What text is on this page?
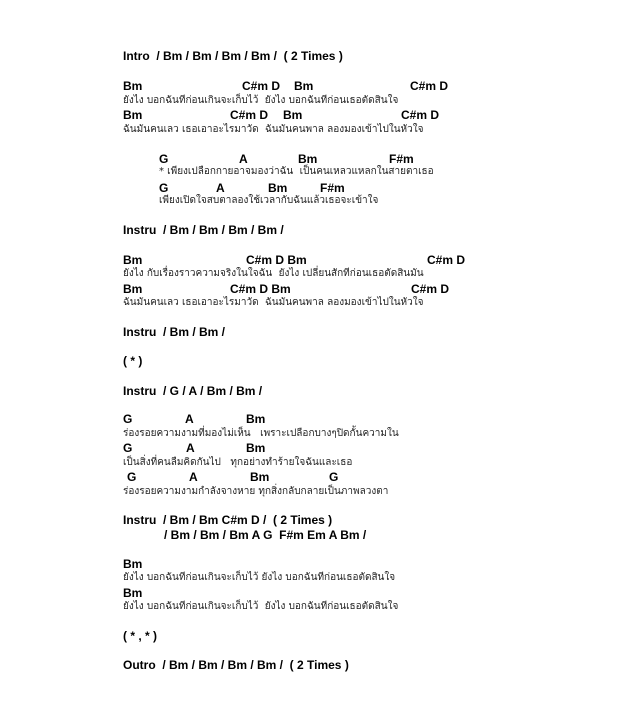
Intro  / Bm / Bm / Bm / Bm /  ( 2 Times )
Bm	C#m D Bm	C#m D
ยังไง บอกฉันทีก่อนเกินจะเก็บไว้  ยังไง บอกฉันทีก่อนเธอตัดสินใจ
Bm	C#m D Bm	C#m D
ฉันมันคนเลว เธอเอาอะไรมาวัด  ฉันมันคนพาล ลองมองเข้าไปในหัวใจ
G	A	Bm	F#m
* เพียงเปลือกกายอาจมองว่าฉัน  เป็นคนเหลวแหลกในสายตาเธอ
G	A	Bm	F#m
เพียงเปิดใจสบตาลองใช้เวลากับฉันแล้วเธอจะเข้าใจ
Instru  / Bm / Bm / Bm / Bm /
Bm	C#m D Bm	C#m D
ยังไง กับเรื่องราวความจริงในใจฉัน  ยังไง เปลี่ยนสักทีก่อนเธอตัดสินมัน
Bm	C#m D Bm	C#m D
ฉันมันคนเลว เธอเอาอะไรมาวัด  ฉันมันคนพาล ลองมองเข้าไปในหัวใจ
Instru  / Bm / Bm /
( * )
Instru  / G / A / Bm / Bm /
G	A	Bm
ร่องรอยความงามที่มองไม่เห็น   เพราะเปลือกบางๆปิดกั้นความใน
G	A	Bm
เป็นสิ่งที่คนลืมคิดกันไป   ทุกอย่างทำร้ายใจฉันและเธอ
G	A	Bm	G
ร่องรอยความงามกำลังจางหาย ทุกสิ่งกลับกลายเป็นภาพลวงตา
Instru  / Bm / Bm C#m D /  ( 2 Times )
/ Bm / Bm / Bm A G  F#m Em A Bm /
Bm
ยังไง บอกฉันทีก่อนเกินจะเก็บไว้ ยังไง บอกฉันทีก่อนเธอตัดสินใจ
Bm
ยังไง บอกฉันทีก่อนเกินจะเก็บไว้  ยังไง บอกฉันทีก่อนเธอตัดสินใจ
( * , * )
Outro  / Bm / Bm / Bm / Bm /  ( 2 Times )
